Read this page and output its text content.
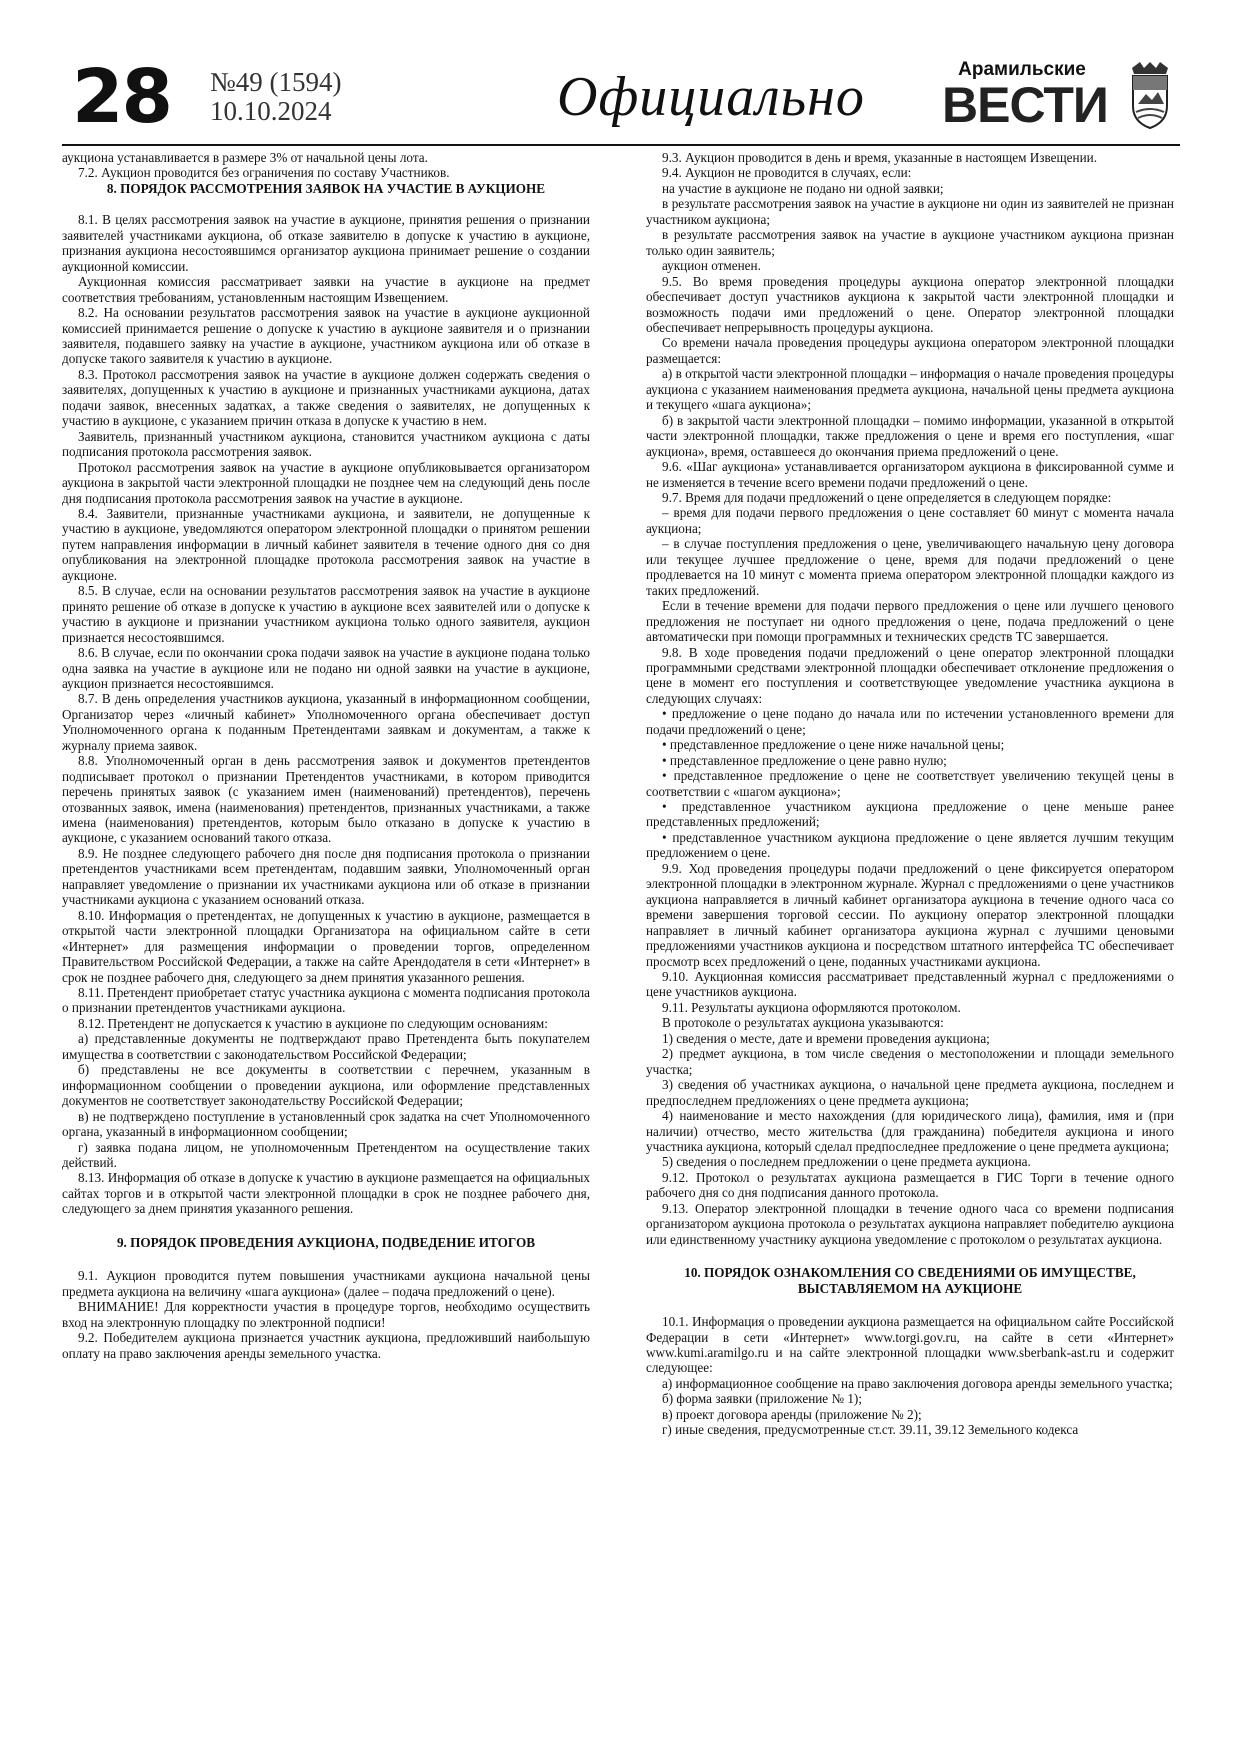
28 №49 (1594)
10.10.2024	Официально	Арамильские
ВЕСТИ

аукциона устанавливается в размере 3% от начальной цены лота.

7.2. Аукцион проводится без ограничения по составу Участников.

8. ПОРЯДОК РАССМОТРЕНИЯ ЗАЯВОК НА УЧАСТИЕ В АУКЦИОНЕ

8.1. В целях рассмотрения заявок на участие в аукционе, принятия решения о признании заявителей участниками аукциона, об отказе заявителю в допуске к участию в аукционе, признания аукциона несостоявшимся организатор аукциона принимает решение о создании аукционной комиссии.

Аукционная комиссия рассматривает заявки на участие в аукционе на предмет соответствия требованиям, установленным настоящим Извещением.

8.2. На основании результатов рассмотрения заявок на участие в аукционе аукционной комиссией принимается решение о допуске к участию в аукционе заявителя и о признании заявителя, подавшего заявку на участие в аукционе, участником аукциона или об отказе в допуске такого заявителя к участию в аукционе.

8.3. Протокол рассмотрения заявок на участие в аукционе должен содержать сведения о заявителях, допущенных к участию в аукционе и признанных участниками аукциона, датах подачи заявок, внесенных задатках, а также сведения о заявителях, не допущенных к участию в аукционе, с указанием причин отказа в допуске к участию в нем.

Заявитель, признанный участником аукциона, становится участником аукциона с даты подписания протокола рассмотрения заявок.

Протокол рассмотрения заявок на участие в аукционе опубликовывается организатором аукциона в закрытой части электронной площадки не позднее чем на следующий день после дня подписания протокола рассмотрения заявок на участие в аукционе.

8.4. Заявители, признанные участниками аукциона, и заявители, не допущенные к участию в аукционе, уведомляются оператором электронной площадки о принятом решении путем направления информации в личный кабинет заявителя в течение одного дня со дня опубликования на электронной площадке протокола рассмотрения заявок на участие в аукционе.

8.5. В случае, если на основании результатов рассмотрения заявок на участие в аукционе принято решение об отказе в допуске к участию в аукционе всех заявителей или о допуске к участию в аукционе и признании участником аукциона только одного заявителя, аукцион признается несостоявшимся.

8.6. В случае, если по окончании срока подачи заявок на участие в аукционе подана только одна заявка на участие в аукционе или не подано ни одной заявки на участие в аукционе, аукцион признается несостоявшимся.

8.7. В день определения участников аукциона, указанный в информационном сообщении, Организатор через «личный кабинет» Уполномоченного органа обеспечивает доступ Уполномоченного органа к поданным Претендентами заявкам и документам, а также к журналу приема заявок.

8.8. Уполномоченный орган в день рассмотрения заявок и документов претендентов подписывает протокол о признании Претендентов участниками, в котором приводится перечень принятых заявок (с указанием имен (наименований) претендентов), перечень отозванных заявок, имена (наименования) претендентов, признанных участниками, а также имена (наименования) претендентов, которым было отказано в допуске к участию в аукционе, с указанием оснований такого отказа.

8.9. Не позднее следующего рабочего дня после дня подписания протокола о признании претендентов участниками всем претендентам, подавшим заявки, Уполномоченный орган направляет уведомление о признании их участниками аукциона или об отказе в признании участниками аукциона с указанием оснований отказа.

8.10. Информация о претендентах, не допущенных к участию в аукционе, размещается в открытой части электронной площадки Организатора на официальном сайте в сети «Интернет» для размещения информации о проведении торгов, определенном Правительством Российской Федерации, а также на сайте Арендодателя в сети «Интернет» в срок не позднее рабочего дня, следующего за днем принятия указанного решения.

8.11. Претендент приобретает статус участника аукциона с момента подписания протокола о признании претендентов участниками аукциона.

8.12. Претендент не допускается к участию в аукционе по следующим основаниям:

а) представленные документы не подтверждают право Претендента быть покупателем имущества в соответствии с законодательством Российской Федерации;

б) представлены не все документы в соответствии с перечнем, указанным в информационном сообщении о проведении аукциона, или оформление представленных документов не соответствует законодательству Российской Федерации;

в) не подтверждено поступление в установленный срок задатка на счет Уполномоченного органа, указанный в информационном сообщении;

г) заявка подана лицом, не уполномоченным Претендентом на осуществление таких действий.

8.13. Информация об отказе в допуске к участию в аукционе размещается на официальных сайтах торгов и в открытой части электронной площадки в срок не позднее рабочего дня, следующего за днем принятия указанного решения.

9. ПОРЯДОК ПРОВЕДЕНИЯ АУКЦИОНА, ПОДВЕДЕНИЕ ИТОГОВ

9.1. Аукцион проводится путем повышения участниками аукциона начальной цены предмета аукциона на величину «шага аукциона» (далее – подача предложений о цене).

ВНИМАНИЕ! Для корректности участия в процедуре торгов, необходимо осуществить вход на электронную площадку по электронной подписи!

9.2. Победителем аукциона признается участник аукциона, предложивший наибольшую оплату на право заключения аренды земельного участка.

9.3. Аукцион проводится в день и время, указанные в настоящем Извещении.

9.4. Аукцион не проводится в случаях, если:

на участие в аукционе не подано ни одной заявки;

в результате рассмотрения заявок на участие в аукционе ни один из заявителей не признан участником аукциона;

в результате рассмотрения заявок на участие в аукционе участником аукциона признан только один заявитель;

аукцион отменен.

9.5. Во время проведения процедуры аукциона оператор электронной площадки обеспечивает доступ участников аукциона к закрытой части электронной площадки и возможность подачи ими предложений о цене. Оператор электронной площадки обеспечивает непрерывность процедуры аукциона.

Со времени начала проведения процедуры аукциона оператором электронной площадки размещается:

а) в открытой части электронной площадки – информация о начале проведения процедуры аукциона с указанием наименования предмета аукциона, начальной цены предмета аукциона и текущего «шага аукциона»;

б) в закрытой части электронной площадки – помимо информации, указанной в открытой части электронной площадки, также предложения о цене и время его поступления, «шаг аукциона», время, оставшееся до окончания приема предложений о цене.

9.6. «Шаг аукциона» устанавливается организатором аукциона в фиксированной сумме и не изменяется в течение всего времени подачи предложений о цене.

9.7. Время для подачи предложений о цене определяется в следующем порядке:

– время для подачи первого предложения о цене составляет 60 минут с момента начала аукциона;

– в случае поступления предложения о цене, увеличивающего начальную цену договора или текущее лучшее предложение о цене, время для подачи предложений о цене продлевается на 10 минут с момента приема оператором электронной площадки каждого из таких предложений.

Если в течение времени для подачи первого предложения о цене или лучшего ценового предложения не поступает ни одного предложения о цене, подача предложений о цене автоматически при помощи программных и технических средств ТС завершается.

9.8. В ходе проведения подачи предложений о цене оператор электронной площадки программными средствами электронной площадки обеспечивает отклонение предложения о цене в момент его поступления и соответствующее уведомление участника аукциона в следующих случаях:

• предложение о цене подано до начала или по истечении установленного времени для подачи предложений о цене;

• представленное предложение о цене ниже начальной цены;

• представленное предложение о цене равно нулю;

• представленное предложение о цене не соответствует увеличению текущей цены в соответствии с «шагом аукциона»;

• представленное участником аукциона предложение о цене меньше ранее представленных предложений;

• представленное участником аукциона предложение о цене является лучшим текущим предложением о цене.

9.9. Ход проведения процедуры подачи предложений о цене фиксируется оператором электронной площадки в электронном журнале. Журнал с предложениями о цене участников аукциона направляется в личный кабинет организатора аукциона в течение одного часа со времени завершения торговой сессии. По аукциону оператор электронной площадки направляет в личный кабинет организатора аукциона журнал с лучшими ценовыми предложениями участников аукциона и посредством штатного интерфейса ТС обеспечивает просмотр всех предложений о цене, поданных участниками аукциона.

9.10. Аукционная комиссия рассматривает представленный журнал с предложениями о цене участников аукциона.

9.11. Результаты аукциона оформляются протоколом.

В протоколе о результатах аукциона указываются:

1) сведения о месте, дате и времени проведения аукциона;

2) предмет аукциона, в том числе сведения о местоположении и площади земельного участка;

3) сведения об участниках аукциона, о начальной цене предмета аукциона, последнем и предпоследнем предложениях о цене предмета аукциона;

4) наименование и место нахождения (для юридического лица), фамилия, имя и (при наличии) отчество, место жительства (для гражданина) победителя аукциона и иного участника аукциона, который сделал предпоследнее предложение о цене предмета аукциона;

5) сведения о последнем предложении о цене предмета аукциона.

9.12. Протокол о результатах аукциона размещается в ГИС Торги в течение одного рабочего дня со дня подписания данного протокола.

9.13. Оператор электронной площадки в течение одного часа со времени подписания организатором аукциона протокола о результатах аукциона направляет победителю аукциона или единственному участнику аукциона уведомление с протоколом о результатах аукциона.

10. ПОРЯДОК ОЗНАКОМЛЕНИЯ СО СВЕДЕНИЯМИ ОБ ИМУЩЕСТВЕ, ВЫСТАВЛЯЕМОМ НА АУКЦИОНЕ

10.1. Информация о проведении аукциона размещается на официальном сайте Российской Федерации в сети «Интернет» www.torgi.gov.ru, на сайте в сети «Интернет» www.kumi.aramilgo.ru и на сайте электронной площадки www.sberbank-ast.ru и содержит следующее:

а) информационное сообщение на право заключения договора аренды земельного участка;

б) форма заявки (приложение № 1);

в) проект договора аренды (приложение № 2);

г) иные сведения, предусмотренные ст.ст. 39.11, 39.12 Земельного кодекса
